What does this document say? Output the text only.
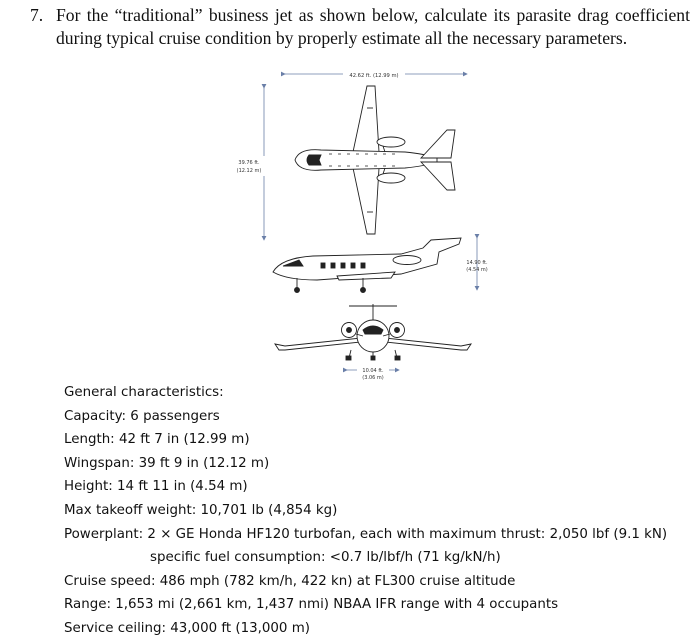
7. For the “traditional” business jet as shown below, calculate its parasite drag coefficient during typical cruise condition by properly estimate all the necessary parameters.
42.62 ft. (12.99 m)
39.76 ft.
(12.12 m)
14.90 ft.
(4.54 m)
10.04 ft.
(3.06 m)
General characteristics:
Capacity: 6 passengers
Length: 42 ft 7 in (12.99 m)
Wingspan: 39 ft 9 in (12.12 m)
Height: 14 ft 11 in (4.54 m)
Max takeoff weight: 10,701 lb (4,854 kg)
Powerplant: 2 × GE Honda HF120 turbofan, each with maximum thrust: 2,050 lbf (9.1 kN)
specific fuel consumption: <0.7 lb/lbf/h (71 kg/kN/h)
Cruise speed: 486 mph (782 km/h, 422 kn) at FL300 cruise altitude
Range: 1,653 mi (2,661 km, 1,437 nmi) NBAA IFR range with 4 occupants
Service ceiling: 43,000 ft (13,000 m)
